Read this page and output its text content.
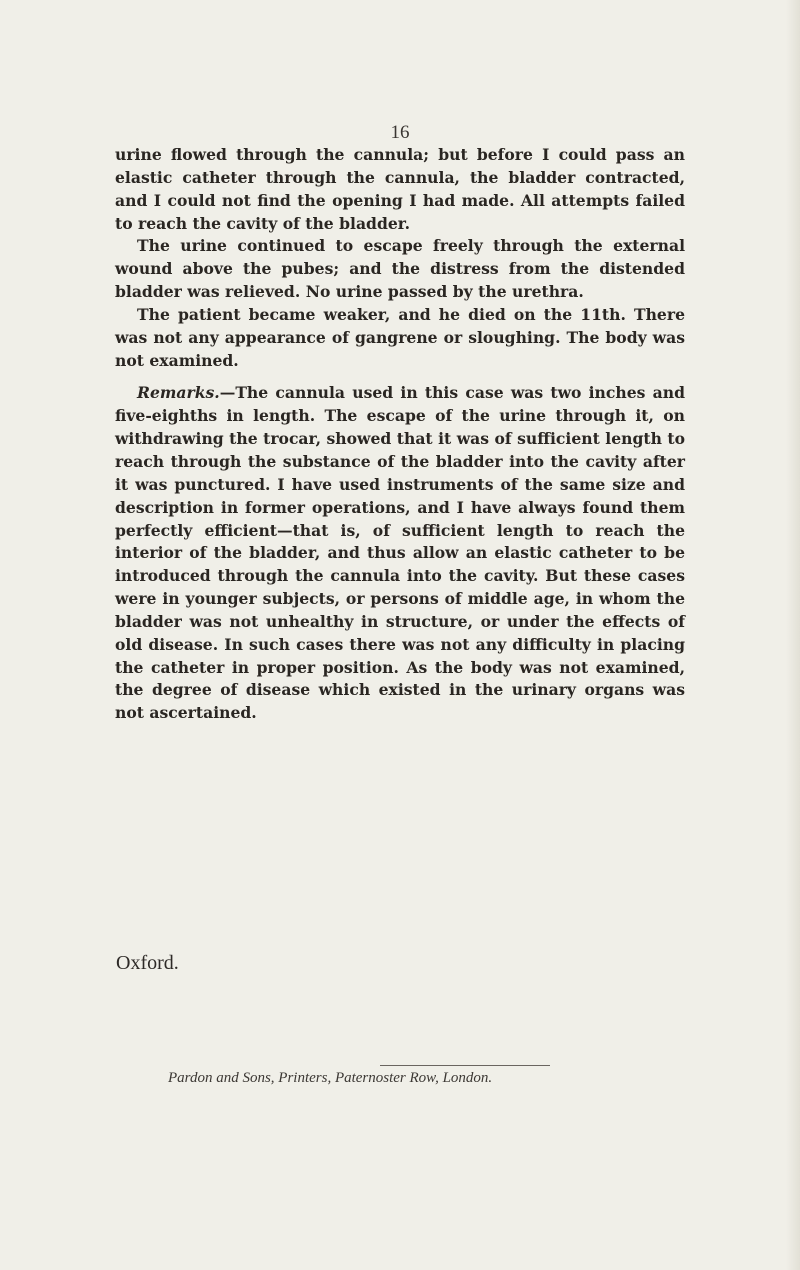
16

urine flowed through the cannula; but before I could pass an elastic catheter through the cannula, the bladder contracted, and I could not find the opening I had made. All attempts failed to reach the cavity of the bladder.

The urine continued to escape freely through the external wound above the pubes; and the distress from the distended bladder was relieved. No urine passed by the urethra.

The patient became weaker, and he died on the 11th. There was not any appearance of gangrene or sloughing. The body was not examined.

Remarks.—The cannula used in this case was two inches and five-eighths in length. The escape of the urine through it, on withdrawing the trocar, showed that it was of sufficient length to reach through the substance of the bladder into the cavity after it was punctured. I have used instruments of the same size and description in former operations, and I have always found them perfectly efficient—that is, of sufficient length to reach the interior of the bladder, and thus allow an elastic catheter to be introduced through the cannula into the cavity. But these cases were in younger subjects, or persons of middle age, in whom the bladder was not unhealthy in structure, or under the effects of old disease. In such cases there was not any difficulty in placing the catheter in proper position. As the body was not examined, the degree of disease which existed in the urinary organs was not ascertained.

Oxford.
Pardon and Sons, Printers, Paternoster Row, London.
